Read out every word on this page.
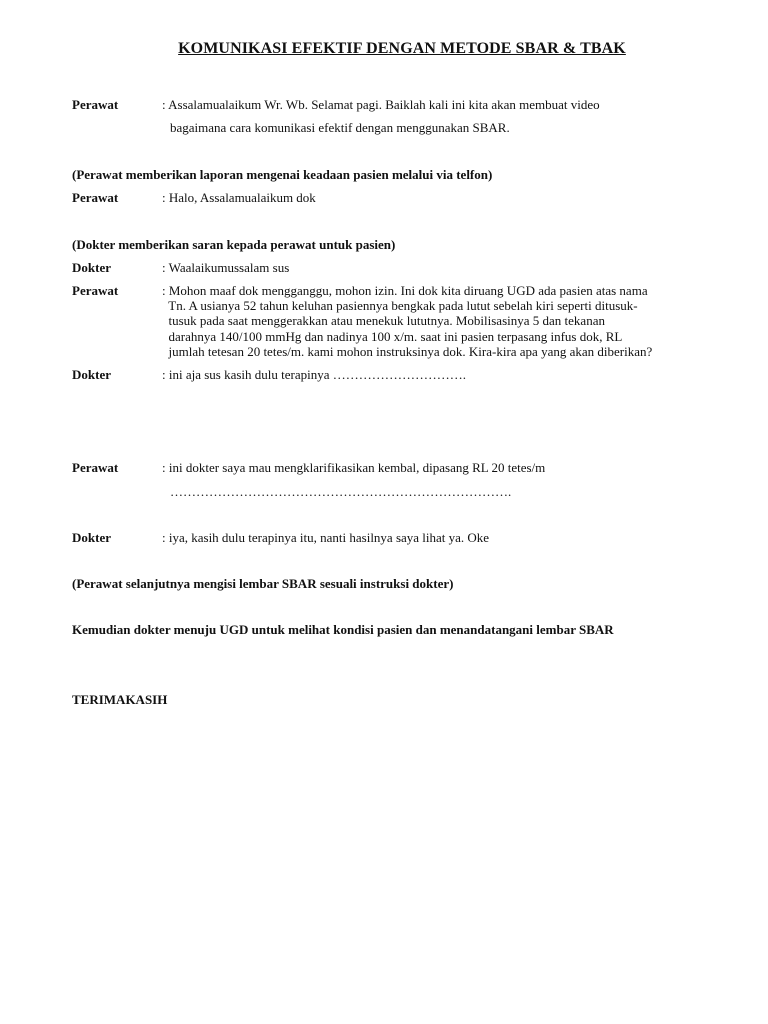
KOMUNIKASI EFEKTIF DENGAN METODE SBAR & TBAK
Perawat	: Assalamualaikum Wr. Wb. Selamat pagi. Baiklah kali ini kita akan membuat video
bagaimana cara komunikasi efektif dengan menggunakan SBAR.
(Perawat memberikan laporan mengenai keadaan pasien melalui via telfon)
Perawat	: Halo, Assalamualaikum dok
(Dokter memberikan saran kepada perawat untuk pasien)
Dokter	: Waalaikumussalam sus
Perawat	: Mohon maaf dok mengganggu, mohon izin. Ini dok kita diruang UGD ada pasien atas nama
Tn. A usianya 52 tahun keluhan pasiennya bengkak pada lutut sebelah kiri seperti ditusuk-
tusuk pada saat menggerakkan atau menekuk lututnya. Mobilisasinya 5 dan tekanan
darahnya 140/100 mmHg dan nadinya 100 x/m. saat ini pasien terpasang infus dok, RL
jumlah tetesan 20 tetes/m. kami mohon instruksinya dok. Kira-kira apa yang akan diberikan?
Dokter	: ini aja sus kasih dulu terapinya ………………………….
Perawat	: ini dokter saya mau mengklarifikasikan kembal, dipasang RL 20 tetes/m
…………………………………………………………………….
Dokter	: iya, kasih dulu terapinya itu, nanti hasilnya saya lihat ya. Oke
(Perawat selanjutnya mengisi lembar SBAR sesuali instruksi dokter)
Kemudian dokter menuju UGD untuk melihat kondisi pasien dan menandatangani lembar SBAR
TERIMAKASIH
